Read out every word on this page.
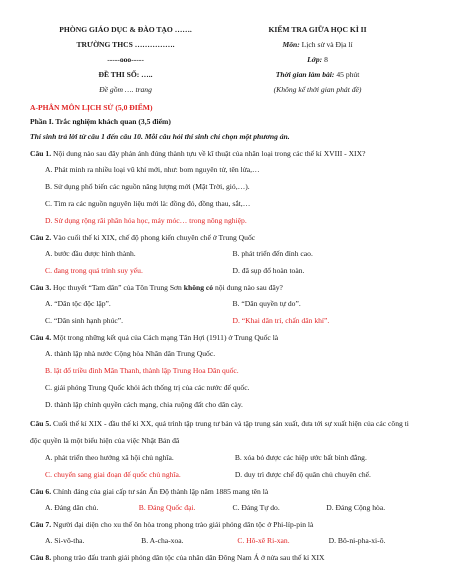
PHÒNG GIÁO DỤC & ĐÀO TẠO …….
TRƯỜNG THCS …………….
-----ooo-----
ĐỀ THI SỐ: …..
Đề gồm …. trang
KIỂM TRA GIỮA HỌC KÌ II
Môn: Lịch sử và Địa lí
Lớp: 8
Thời gian làm bài: 45 phút
(Không kể thời gian phát đề)
A-PHÂN MÔN LỊCH SỬ (5,0 ĐIỂM)
Phần I. Trắc nghiệm khách quan (3,5 điểm)
Thí sinh trả lời từ câu 1 đến câu 10. Mỗi câu hỏi thí sinh chỉ chọn một phương án.
Câu 1. Nội dung nào sau đây phản ánh đúng thành tựu về kĩ thuật của nhân loại trong các thế kỉ XVIII - XIX?
A. Phát minh ra nhiều loại vũ khí mới, như: bom nguyên tử, tên lửa,…
B. Sử dụng phổ biến các nguồn năng lượng mới (Mặt Trời, gió,…).
C. Tìm ra các nguồn nguyên liệu mới là: đồng đỏ, đồng thau, sắt,…
D. Sử dụng rộng rãi phân hóa học, máy móc… trong nông nghiệp.
Câu 2. Vào cuối thế kỉ XIX, chế độ phong kiến chuyên chế ở Trung Quốc
A. bước đầu được hình thành.	B. phát triển đến đỉnh cao.
C. đang trong quá trình suy yếu.	D. đã sụp đổ hoàn toàn.
Câu 3. Học thuyết “Tam dân” của Tôn Trung Sơn không có nội dung nào sau đây?
A. “Dân tộc độc lập”.	B. “Dân quyền tự do”.
C. “Dân sinh hạnh phúc”.	D. “Khai dân trí, chấn dân khí”.
Câu 4. Một trong những kết quả của Cách mạng Tân Hợi (1911) ở Trung Quốc là
A. thành lập nhà nước Cộng hòa Nhân dân Trung Quốc.
B. lật đổ triều đình Mãn Thanh, thành lập Trung Hoa Dân quốc.
C. giải phóng Trung Quốc khỏi ách thống trị của các nước đế quốc.
D. thành lập chính quyền cách mạng, chia ruộng đất cho dân cày.
Câu 5. Cuối thế kỉ XIX - đầu thế kỉ XX, quá trình tập trung tư bản và tập trung sản xuất, đưa tới sự xuất hiện của các công ti độc quyền là một biểu hiện của việc Nhật Bản đã
A. phát triển theo hướng xã hội chủ nghĩa.	B. xóa bỏ được các hiệp ước bất bình đẳng.
C. chuyển sang giai đoạn đế quốc chủ nghĩa.	D. duy trì được chế độ quân chủ chuyên chế.
Câu 6. Chính đảng của giai cấp tư sản Ấn Độ thành lập năm 1885 mang tên là
A. Đảng dân chủ.	B. Đảng Quốc đại.	C. Đảng Tự do.	D. Đảng Cộng hòa.
Câu 7. Người đại diện cho xu thế ôn hòa trong phong trào giải phóng dân tộc ở Phi-líp-pin là
A. Si-vô-tha.	B. A-cha-xoa.	C. Hô-xê Ri-xan.	D. Bô-ni-pha-xi-ô.
Câu 8. phong trào đấu tranh giải phóng dân tộc của nhân dân Đông Nam Á ở nửa sau thế kỉ XIX
